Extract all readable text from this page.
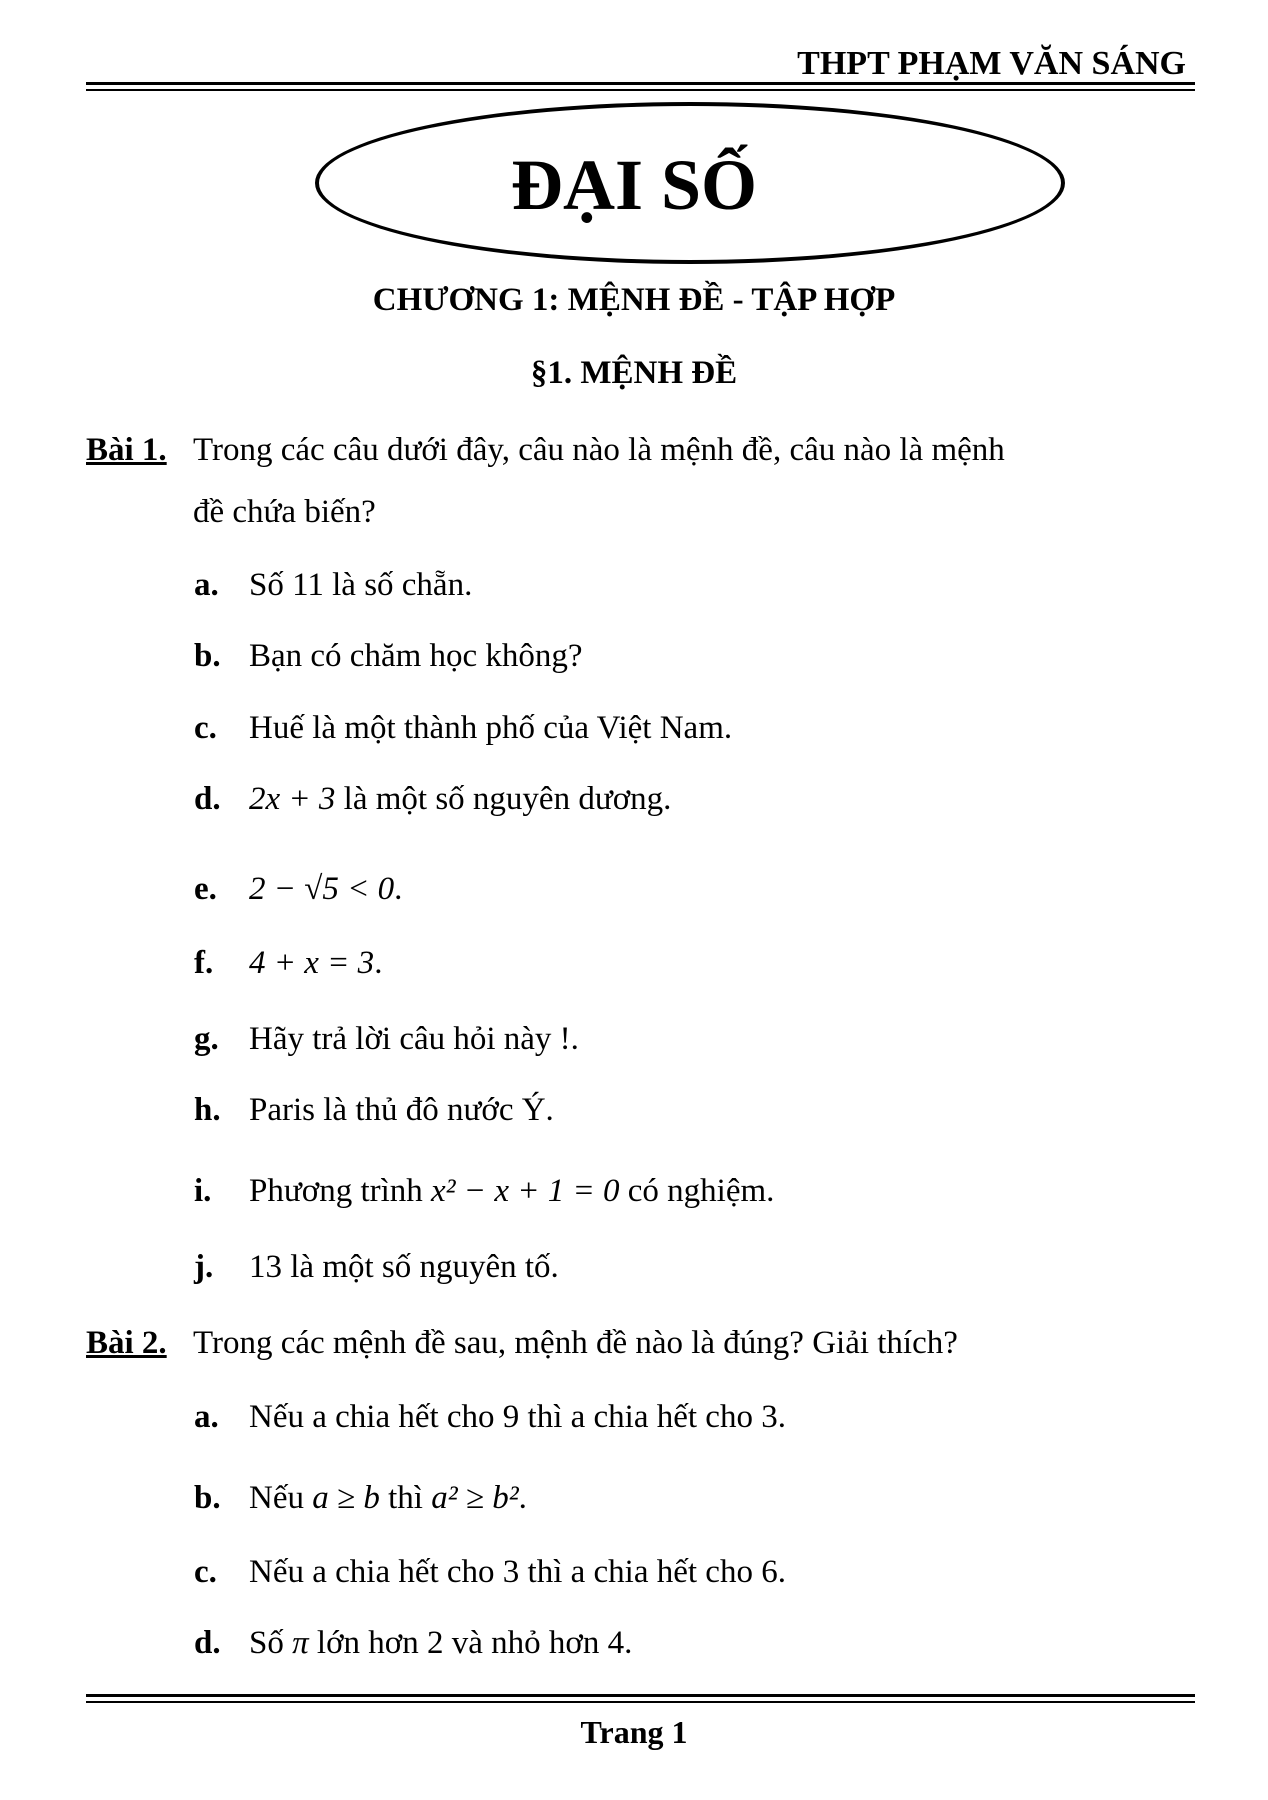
THPT PHẠM VĂN SÁNG
ĐẠI SỐ
CHƯƠNG 1: MỆNH ĐỀ - TẬP HỢP
§1. MỆNH ĐỀ
Bài 1. Trong các câu dưới đây, câu nào là mệnh đề, câu nào là mệnh
đề chứa biến?
a. Số 11 là số chẵn.
b. Bạn có chăm học không?
c. Huế là một thành phố của Việt Nam.
d. 2x + 3 là một số nguyên dương.
e. 2 − √5 < 0.
f. 4 + x = 3.
g. Hãy trả lời câu hỏi này !.
h. Paris là thủ đô nước Ý.
i. Phương trình x² − x + 1 = 0 có nghiệm.
j. 13 là một số nguyên tố.
Bài 2. Trong các mệnh đề sau, mệnh đề nào là đúng? Giải thích?
a. Nếu a chia hết cho 9 thì a chia hết cho 3.
b. Nếu a ≥ b thì a² ≥ b².
c. Nếu a chia hết cho 3 thì a chia hết cho 6.
d. Số π lớn hơn 2 và nhỏ hơn 4.
Trang 1
